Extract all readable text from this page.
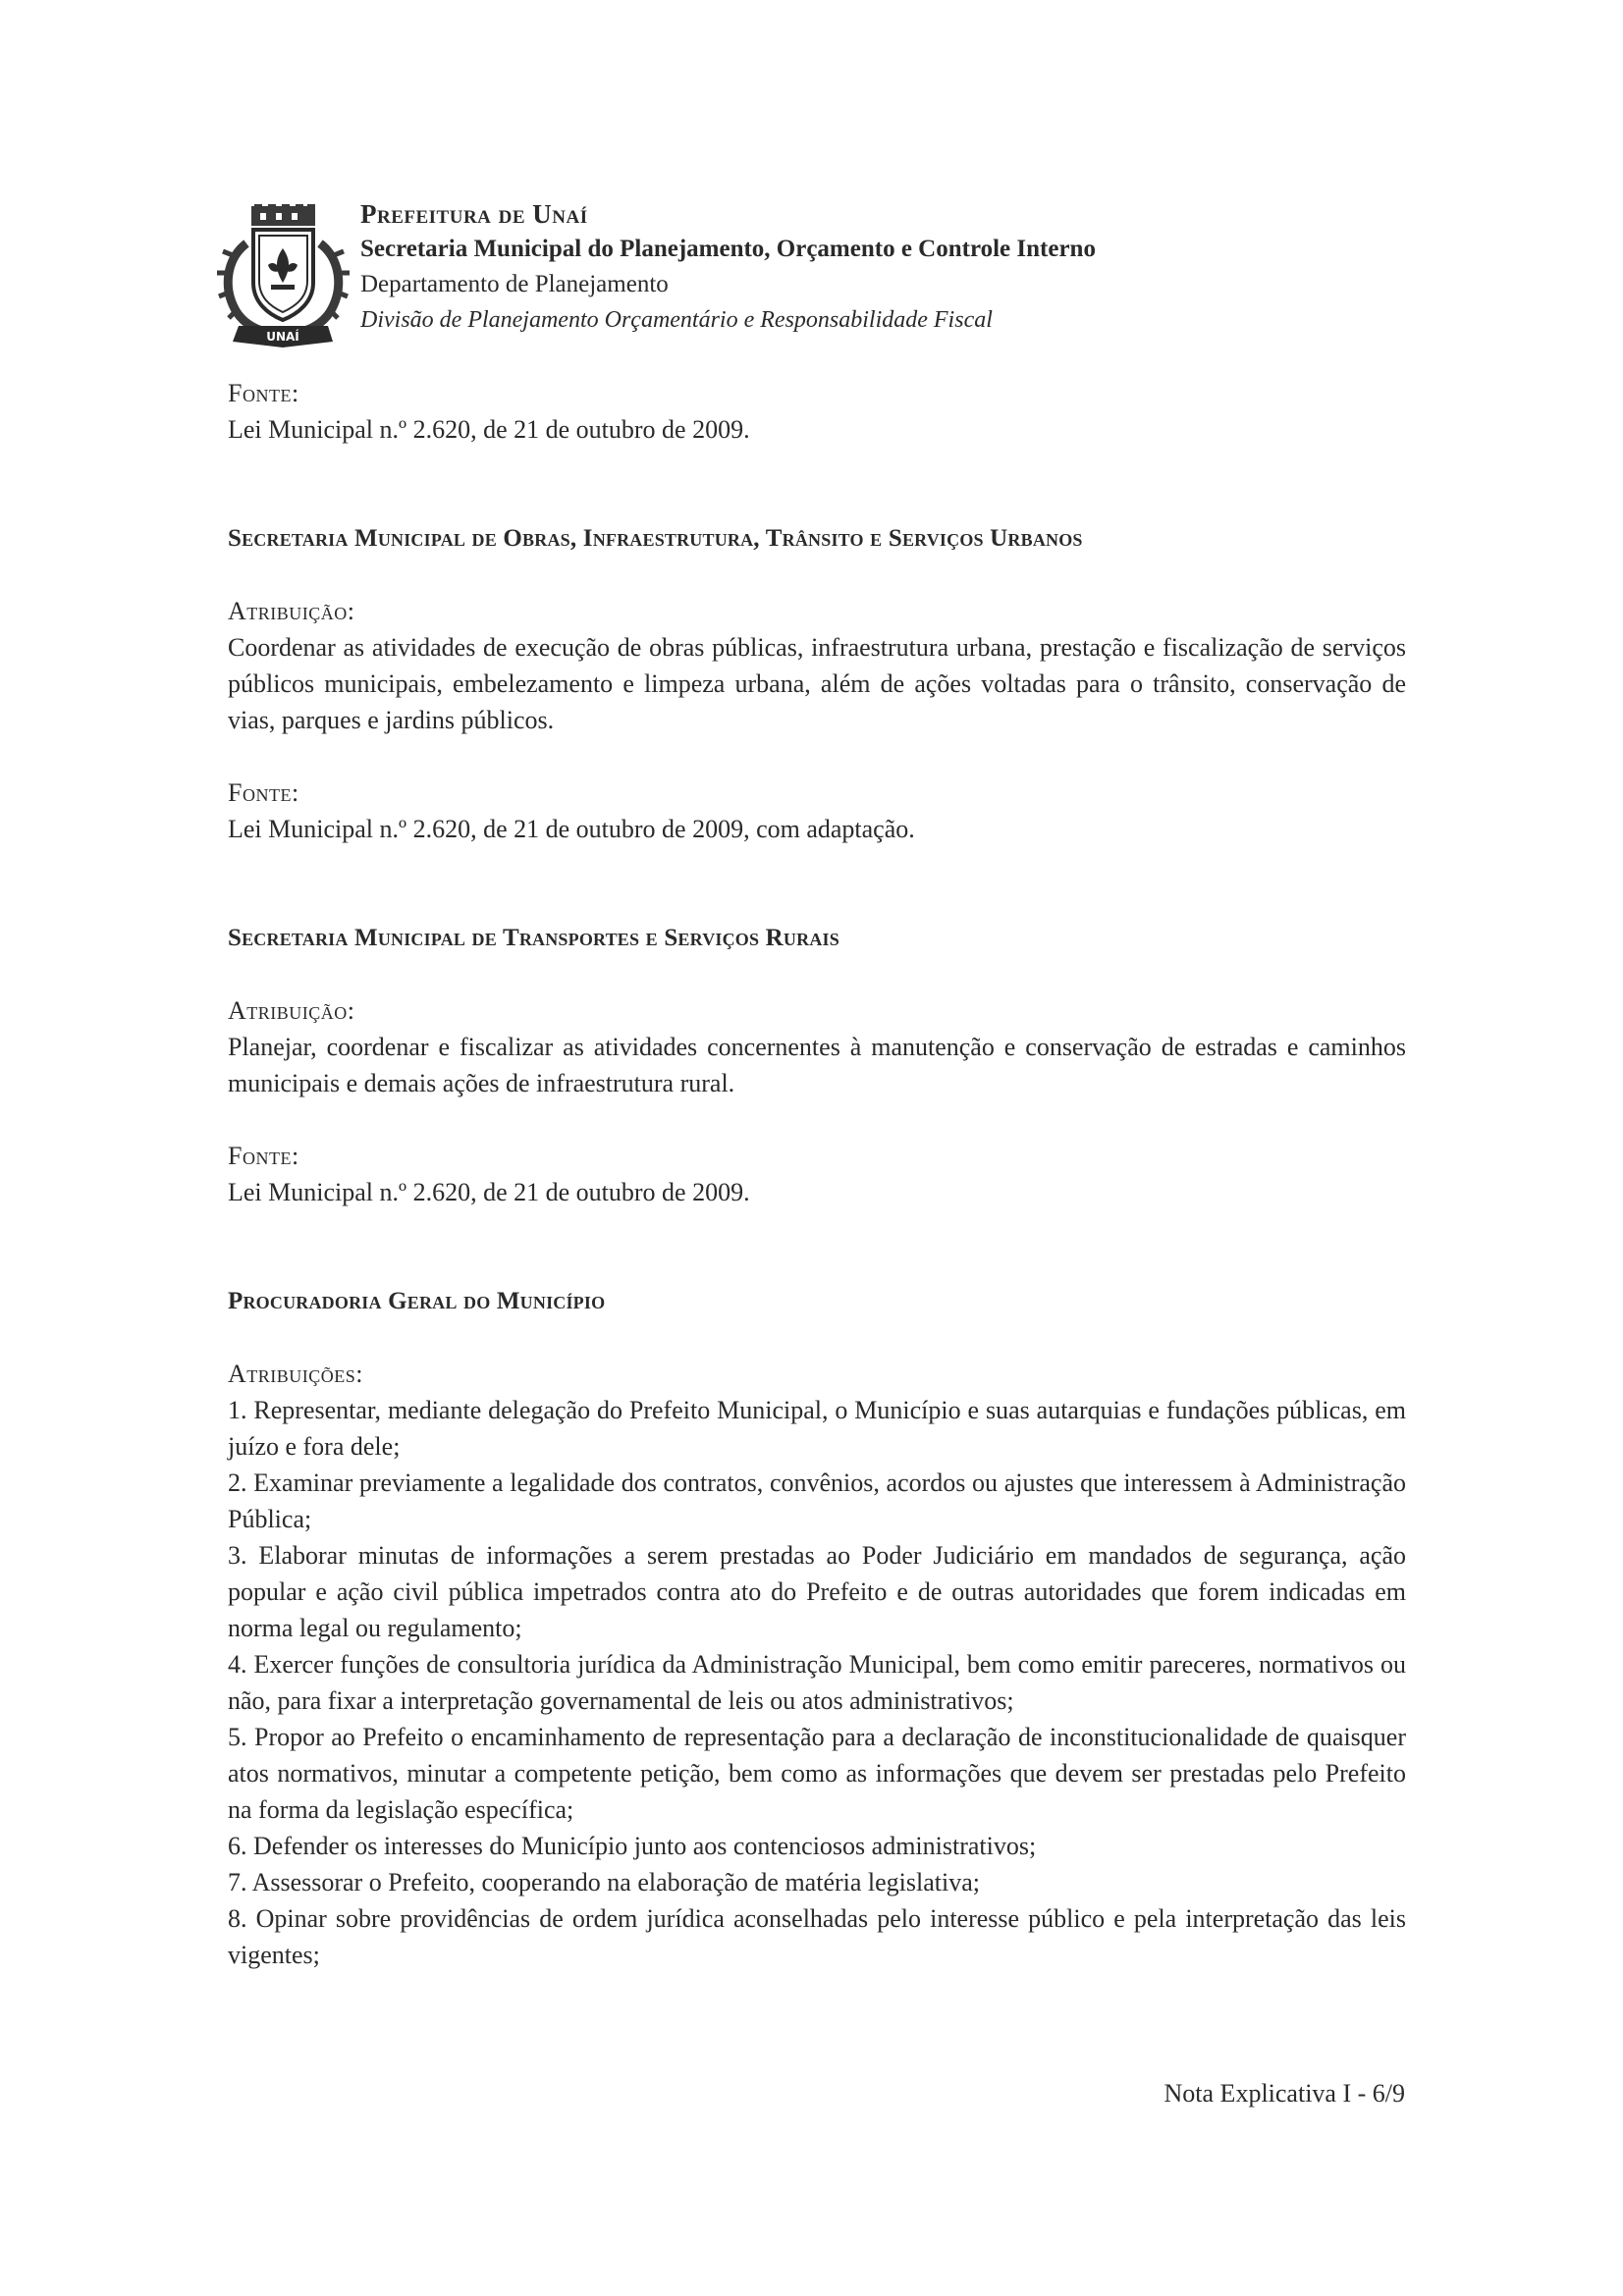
UNAÍ
Prefeitura de Unaí
Secretaria Municipal do Planejamento, Orçamento e Controle Interno
Departamento de Planejamento
Divisão de Planejamento Orçamentário e Responsabilidade Fiscal
Fonte:
Lei Municipal n.º 2.620, de 21 de outubro de 2009.
Secretaria Municipal de Obras, Infraestrutura, Trânsito e Serviços Urbanos
Atribuição:
Coordenar as atividades de execução de obras públicas, infraestrutura urbana, prestação e fiscalização de serviços públicos municipais, embelezamento e limpeza urbana, além de ações voltadas para o trânsito, conservação de vias, parques e jardins públicos.
Fonte:
Lei Municipal n.º 2.620, de 21 de outubro de 2009, com adaptação.
Secretaria Municipal de Transportes e Serviços Rurais
Atribuição:
Planejar, coordenar e fiscalizar as atividades concernentes à manutenção e conservação de estradas e caminhos municipais e demais ações de infraestrutura rural.
Fonte:
Lei Municipal n.º 2.620, de 21 de outubro de 2009.
Procuradoria Geral do Município
Atribuições:
1. Representar, mediante delegação do Prefeito Municipal, o Município e suas autarquias e fundações públicas, em juízo e fora dele;
2. Examinar previamente a legalidade dos contratos, convênios, acordos ou ajustes que interessem à Administração Pública;
3. Elaborar minutas de informações a serem prestadas ao Poder Judiciário em mandados de segurança, ação popular e ação civil pública impetrados contra ato do Prefeito e de outras autoridades que forem indicadas em norma legal ou regulamento;
4. Exercer funções de consultoria jurídica da Administração Municipal, bem como emitir pareceres, normativos ou não, para fixar a interpretação governamental de leis ou atos administrativos;
5. Propor ao Prefeito o encaminhamento de representação para a declaração de inconstitucionalidade de quaisquer atos normativos, minutar a competente petição, bem como as informações que devem ser prestadas pelo Prefeito na forma da legislação específica;
6. Defender os interesses do Município junto aos contenciosos administrativos;
7. Assessorar o Prefeito, cooperando na elaboração de matéria legislativa;
8. Opinar sobre providências de ordem jurídica aconselhadas pelo interesse público e pela interpretação das leis vigentes;
Nota Explicativa I - 6/9
